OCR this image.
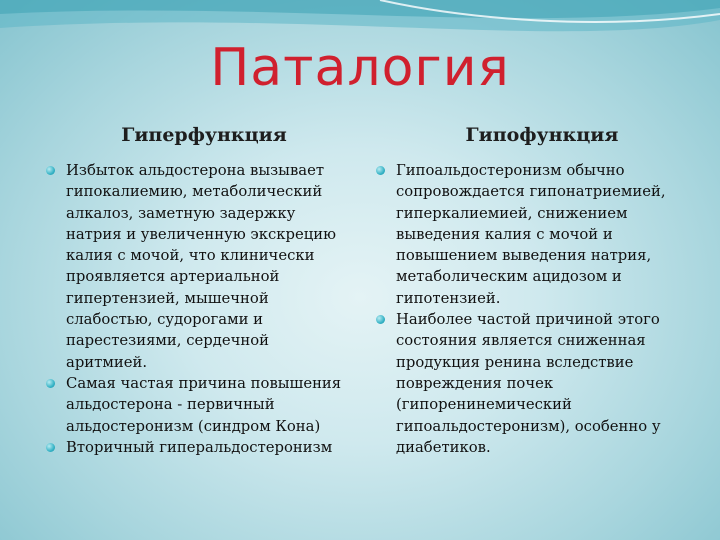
Паталогия
Гиперфункция
Избыток альдостерона вызывает гипокалиемию, метаболический алкалоз, заметную задержку натрия и увеличенную экскрецию калия с мочой, что клинически проявляется артериальной гипертензией, мышечной слабостью, судорогами и парестезиями, сердечной аритмией.
Самая частая причина повышения альдостерона - первичный альдостеронизм (синдром Кона)
Вторичный гиперальдостеронизм
Гипофункция
Гипоальдостеронизм обычно сопровождается гипонатриемией, гиперкалиемией, снижением выведения калия с мочой и повышением выведения натрия, метаболическим ацидозом и гипотензией.
Наиболее частой причиной этого состояния является сниженная продукция ренина вследствие повреждения почек (гипоренинемический гипоальдостеронизм), особенно у диабетиков.
